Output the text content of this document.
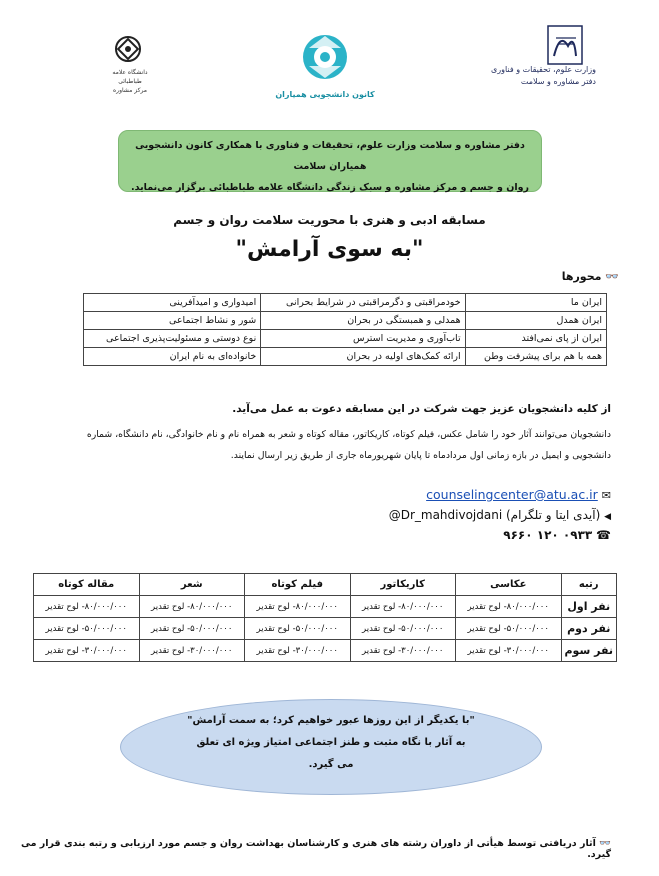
وزارت علوم، تحقیقات و فناوری
دفتر مشاوره و سلامت
کانون دانشجویی همیاران
دانشگاه علامه طباطبائی
مرکز مشاوره
دفتر مشاوره و سلامت وزارت علوم، تحقیقات و فناوری با همکاری کانون دانشجویی همیاران سلامت
روان و جسم و مرکز مشاوره و سبک زندگی دانشگاه علامه طباطبائی برگزار می‌نماید.
مسابقه ادبی و هنری با محوریت سلامت روان و جسم
"به سوی آرامش"
👓 محورها
ایران ما	خودمراقبتی و دگرمراقبتی در شرایط بحرانی	امیدواری و امیدآفرینی
ایران همدل	همدلی و همبستگی در بحران	شور و نشاط اجتماعی
ایران از پای نمی‌افتد	تاب‌آوری و مدیریت استرس	نوع دوستی و مسئولیت‌پذیری اجتماعی
همه با هم برای پیشرفت وطن	ارائه کمک‌های اولیه در بحران	خانواده‌ای به نام ایران
از کلیه دانشجویان عزیز جهت شرکت در این مسابقه دعوت به عمل می‌آید.
دانشجویان می‌توانند آثار خود را شامل عکس، فیلم کوتاه، کاریکاتور، مقاله کوتاه و شعر به همراه نام و نام خانوادگی، نام دانشگاه، شماره
دانشجویی و ایمیل در بازه زمانی اول مردادماه تا پایان شهریورماه جاری از طریق زیر ارسال نمایند.
counselingcenter@atu.ac.ir ✉
◀ @Dr_mahdivojdani (آیدی ایتا و تلگرام)
☎ ۰۹۳۳ ۱۲۰ ۹۶۶۰
رتبه	عکاسی	کاریکاتور	فیلم کوتاه	شعر	مقاله کوتاه
نفر اول	۸۰/۰۰۰/۰۰۰- لوح تقدیر	۸۰/۰۰۰/۰۰۰- لوح تقدیر	۸۰/۰۰۰/۰۰۰- لوح تقدیر	۸۰/۰۰۰/۰۰۰- لوح تقدیر	۸۰/۰۰۰/۰۰۰- لوح تقدیر
نفر دوم	۵۰/۰۰۰/۰۰۰- لوح تقدیر	۵۰/۰۰۰/۰۰۰- لوح تقدیر	۵۰/۰۰۰/۰۰۰- لوح تقدیر	۵۰/۰۰۰/۰۰۰- لوح تقدیر	۵۰/۰۰۰/۰۰۰- لوح تقدیر
نفر سوم	۳۰/۰۰۰/۰۰۰- لوح تقدیر	۳۰/۰۰۰/۰۰۰- لوح تقدیر	۳۰/۰۰۰/۰۰۰- لوح تقدیر	۳۰/۰۰۰/۰۰۰- لوح تقدیر	۳۰/۰۰۰/۰۰۰- لوح تقدیر
"با یکدیگر از این روزها عبور خواهیم کرد؛ به سمت آرامش"
به آثار با نگاه مثبت و طنز اجتماعی امتیاز ویژه ای تعلق
می گیرد.
👓 آثار دریافتی توسط هیأتی از داوران رشته های هنری و کارشناسان بهداشت روان و جسم مورد ارزیابی و رتبه بندی قرار می گیرد.
